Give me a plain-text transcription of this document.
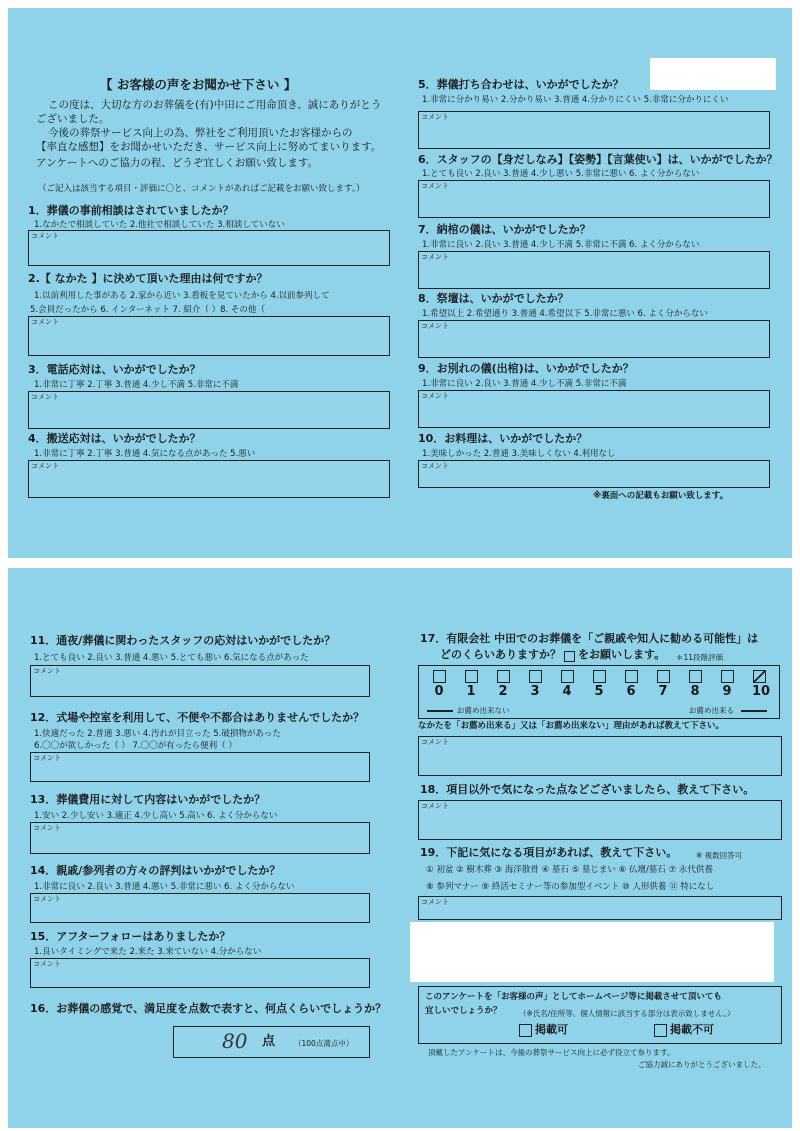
【 お客様の声をお聞かせ下さい 】
この度は、大切な方のお葬儀を(有)中田にご用命頂き、誠にありがとう
ございました。
今後の葬祭サービス向上の為、弊社をご利用頂いたお客様からの
【率直な感想】をお聞かせいただき、サービス向上に努めてまいります。
アンケートへのご協力の程、どうぞ宜しくお願い致します。
（ご記入は該当する項目・評価に〇と、コメントがあればご記載をお願い致します。）
1．葬儀の事前相談はされていましたか？
1.なかたで相談していた 2.他社で相談していた 3.相談していない
コメント
2.【 なかた 】に決めて頂いた理由は何ですか？
1.以前利用した事がある 2.家から近い 3.看板を見ていたから 4.以前参列して
5.会員だったから 6. インターネット 7. 紹介（ ）8. その他（
コメント
3．電話応対は、いかがでしたか？
1.非常に丁寧 2.丁寧 3.普通 4.少し不満 5.非常に不満
コメント
4．搬送応対は、いかがでしたか？
1.非常に丁寧 2.丁寧 3.普通 4.気になる点があった 5.悪い
コメント
5．葬儀打ち合わせは、いかがでしたか？
1.非常に分かり易い 2.分かり易い 3.普通 4.分かりにくい 5.非常に分かりにくい
コメント
6．スタッフの【身だしなみ】【姿勢】【言葉使い】は、いかがでしたか？
1.とても良い 2.良い 3.普通 4.少し悪い 5.非常に悪い 6. よく分からない
コメント
7．納棺の儀は、いかがでしたか？
1.非常に良い 2.良い 3.普通 4.少し不満 5.非常に不満 6. よく分からない
コメント
8．祭壇は、いかがでしたか？
1.希望以上 2.希望通り 3.普通 4.希望以下 5.非常に悪い 6. よく分からない
コメント
9．お別れの儀(出棺)は、いかがでしたか？
1.非常に良い 2.良い 3.普通 4.少し不満 5.非常に不満
コメント
10．お料理は、いかがでしたか？
1.美味しかった 2.普通 3.美味しくない 4.利用なし
コメント
※裏面への記載もお願い致します。
11．通夜/葬儀に関わったスタッフの応対はいかがでしたか？
1.とても良い 2.良い 3.普通 4.悪い 5.とても悪い 6.気になる点があった
コメント
12．式場や控室を利用して、不便や不都合はありませんでしたか？
1.快適だった 2.普通 3.悪い 4.汚れが目立った 5.破損物があった
6.〇〇が欲しかった（ ） 7.〇〇が有ったら便利（ ）
コメント
13．葬儀費用に対して内容はいかがでしたか？
1.安い 2.少し安い 3.適正 4.少し高い 5.高い 6. よく分からない
コメント
14．親戚/参列者の方々の評判はいかがでしたか？
1.非常に良い 2.良い 3.普通 4.悪い 5.非常に悪い 6. よく分からない
コメント
15．アフターフォローはありましたか？
1.良いタイミングで来た 2.来た 3.来ていない 4.分からない
コメント
16．お葬儀の感覚で、満足度を点数で表すと、何点くらいでしょうか？
80 点	（100点満点中）
17．有限会社 中田でのお葬儀を「ご親戚や知人に勧める可能性」は
どのくらいありますか？ をお願いします。 ＊11段階評価
0 1 2 3 4 5 6 7 8 9 10
お薦め出来ない	お薦め出来る
なかたを「お薦め出来る」又は「お薦め出来ない」理由があれば教えて下さい。
コメント
18．項目以外で気になった点などございましたら、教えて下さい。
コメント
19．下記に気になる項目があれば、教えて下さい。 ※ 複数回答可
① 初盆 ② 樹木葬 ③ 海洋散骨 ④ 墓石 ⑤ 墓じまい ⑥ 仏壇/墓石 ⑦ 永代供養
⑧ 参列マナー ⑨ 終活セミナー等の参加型イベント ⑩ 人形供養 ⑪ 特になし
コメント
このアンケートを「お客様の声」としてホームページ等に掲載させて頂いても
宜しいでしょうか？ （※氏名/住所等、個人情報に該当する部分は表示致しません。）
掲載可	掲載不可
頂戴したアンケートは、今後の葬祭サービス向上に必ず役立て参ります。
ご協力誠にありがとうございました。
